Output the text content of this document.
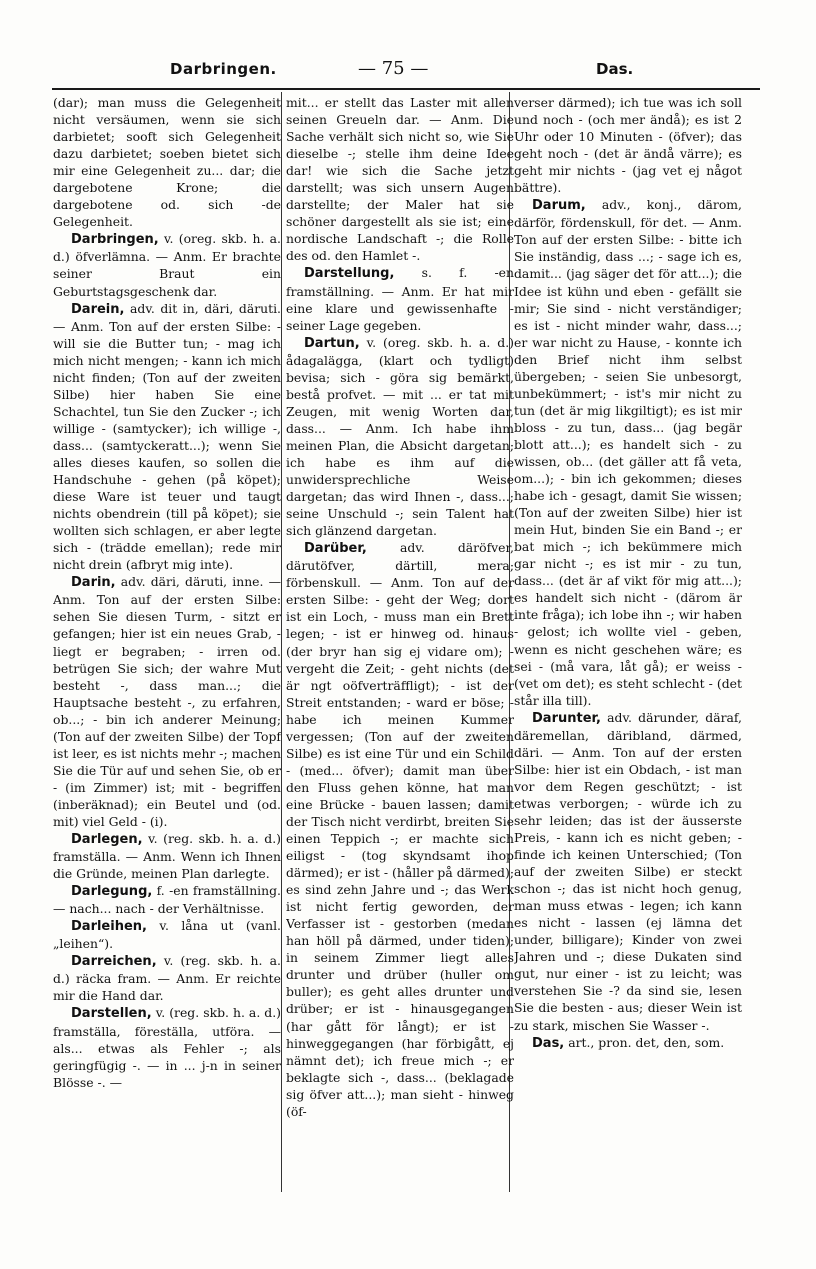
Darbringen.	— 75 —	Das.

(dar); man muss die Gelegenheit nicht versäumen, wenn sie sich darbietet; sooft sich Gelegenheit dazu darbietet; soeben bietet sich mir eine Gelegenheit zu... dar; die dargebotene Krone; die dargebotene od. sich -de Gelegenheit.

Darbringen, v. (oreg. skb. h. a. d.) öfverlämna. — Anm. Er brachte seiner Braut ein Geburtstagsgeschenk dar.

Darein, adv. dit in, däri, däruti. — Anm. Ton auf der ersten Silbe: - will sie die Butter tun; - mag ich mich nicht mengen; - kann ich mich nicht finden; (Ton auf der zweiten Silbe) hier haben Sie eine Schachtel, tun Sie den Zucker -; ich willige - (samtycker); ich willige -, dass... (samtyckeratt...); wenn Sie alles dieses kaufen, so sollen die Handschuhe - gehen (på köpet); diese Ware ist teuer und taugt nichts obendrein (till på köpet); sie wollten sich schlagen, er aber legte sich - (trädde emellan); rede mir nicht drein (afbryt mig inte).

Darin, adv. däri, däruti, inne. — Anm. Ton auf der ersten Silbe: sehen Sie diesen Turm, - sitzt er gefangen; hier ist ein neues Grab, - liegt er begraben; - irren od. betrügen Sie sich; der wahre Mut besteht -, dass man...; die Hauptsache besteht -, zu erfahren, ob...; - bin ich anderer Meinung; (Ton auf der zweiten Silbe) der Topf ist leer, es ist nichts mehr -; machen Sie die Tür auf und sehen Sie, ob er - (im Zimmer) ist; mit - begriffen (inberäknad); ein Beutel und (od. mit) viel Geld - (i).

Darlegen, v. (reg. skb. h. a. d.) framställa. — Anm. Wenn ich Ihnen die Gründe, meinen Plan darlegte.

Darlegung, f. -en framställning. — nach... nach - der Verhältnisse.

Darleihen, v. låna ut (vanl. „leihen“).

Darreichen, v. (reg. skb. h. a. d.) räcka fram. — Anm. Er reichte mir die Hand dar.

Darstellen, v. (reg. skb. h. a. d.) framställa, föreställa, utföra. — als... etwas als Fehler -; als geringfügig -. — in ... j-n in seiner Blösse -. —

mit... er stellt das Laster mit allen seinen Greueln dar. — Anm. Die Sache verhält sich nicht so, wie Sie dieselbe -; stelle ihm deine Idee dar! wie sich die Sache jetzt darstellt; was sich unsern Augen darstellte; der Maler hat sie schöner dargestellt als sie ist; eine nordische Landschaft -; die Rolle des od. den Hamlet -.

Darstellung, s. f. -en framställning. — Anm. Er hat mir eine klare und gewissenhafte - seiner Lage gegeben.

Dartun, v. (oreg. skb. h. a. d.) ådagalägga, (klart och tydligt) bevisa; sich - göra sig bemärkt, bestå profvet. — mit ... er tat mit Zeugen, mit wenig Worten dar, dass... — Anm. Ich habe ihm meinen Plan, die Absicht dargetan; ich habe es ihm auf die unwidersprechliche Weise dargetan; das wird Ihnen -, dass...; seine Unschuld -; sein Talent hat sich glänzend dargetan.

Darüber, adv. däröfver, därutöfver, därtill, mera; förbenskull. — Anm. Ton auf der ersten Silbe: - geht der Weg; dort ist ein Loch, - muss man ein Brett legen; - ist er hinweg od. hinaus (der bryr han sig ej vidare om); - vergeht die Zeit; - geht nichts (det är ngt oöfverträffligt); - ist der Streit entstanden; - ward er böse; - habe ich meinen Kummer vergessen; (Ton auf der zweiten Silbe) es ist eine Tür und ein Schild - (med... öfver); damit man über den Fluss gehen könne, hat man eine Brücke - bauen lassen; damit der Tisch nicht verdirbt, breiten Sie einen Teppich -; er machte sich eiligst - (tog skyndsamt ihop därmed); er ist - (håller på därmed); es sind zehn Jahre und -; das Werk ist nicht fertig geworden, der Verfasser ist - gestorben (medan han höll på därmed, under tiden); in seinem Zimmer liegt alles drunter und drüber (huller om buller); es geht alles drunter und drüber; er ist - hinausgegangen (har gått för långt); er ist - hinweggegangen (har förbigått, ej nämnt det); ich freue mich -; er beklagte sich -, dass... (beklagade sig öfver att...); man sieht - hinweg (öf-

verser därmed); ich tue was ich soll und noch - (och mer ändå); es ist 2 Uhr oder 10 Minuten - (öfver); das geht noch - (det är ändå värre); es geht mir nichts - (jag vet ej något bättre).

Darum, adv., konj., därom, därför, fördenskull, för det. — Anm. Ton auf der ersten Silbe: - bitte ich Sie inständig, dass ...; - sage ich es, damit... (jag säger det för att...); die Idee ist kühn und eben - gefällt sie mir; Sie sind - nicht verständiger; es ist - nicht minder wahr, dass...; er war nicht zu Hause, - konnte ich den Brief nicht ihm selbst übergeben; - seien Sie unbesorgt, unbekümmert; - ist's mir nicht zu tun (det är mig likgiltigt); es ist mir bloss - zu tun, dass... (jag begär blott att...); es handelt sich - zu wissen, ob... (det gäller att få veta, om...); - bin ich gekommen; dieses habe ich - gesagt, damit Sie wissen; (Ton auf der zweiten Silbe) hier ist mein Hut, binden Sie ein Band -; er bat mich -; ich bekümmere mich gar nicht -; es ist mir - zu tun, dass... (det är af vikt för mig att...); es handelt sich nicht - (därom är inte fråga); ich lobe ihn -; wir haben - gelost; ich wollte viel - geben, wenn es nicht geschehen wäre; es sei - (må vara, låt gå); er weiss - (vet om det); es steht schlecht - (det står illa till).

Darunter, adv. därunder, däraf, däremellan, däribland, därmed, däri. — Anm. Ton auf der ersten Silbe: hier ist ein Obdach, - ist man vor dem Regen geschützt; - ist etwas verborgen; - würde ich zu sehr leiden; das ist der äusserste Preis, - kann ich es nicht geben; - finde ich keinen Unterschied; (Ton auf der zweiten Silbe) er steckt schon -; das ist nicht hoch genug, man muss etwas - legen; ich kann es nicht - lassen (ej lämna det under, billigare); Kinder von zwei Jahren und -; diese Dukaten sind gut, nur einer - ist zu leicht; was verstehen Sie -? da sind sie, lesen Sie die besten - aus; dieser Wein ist zu stark, mischen Sie Wasser -.

Das, art., pron. det, den, som.
